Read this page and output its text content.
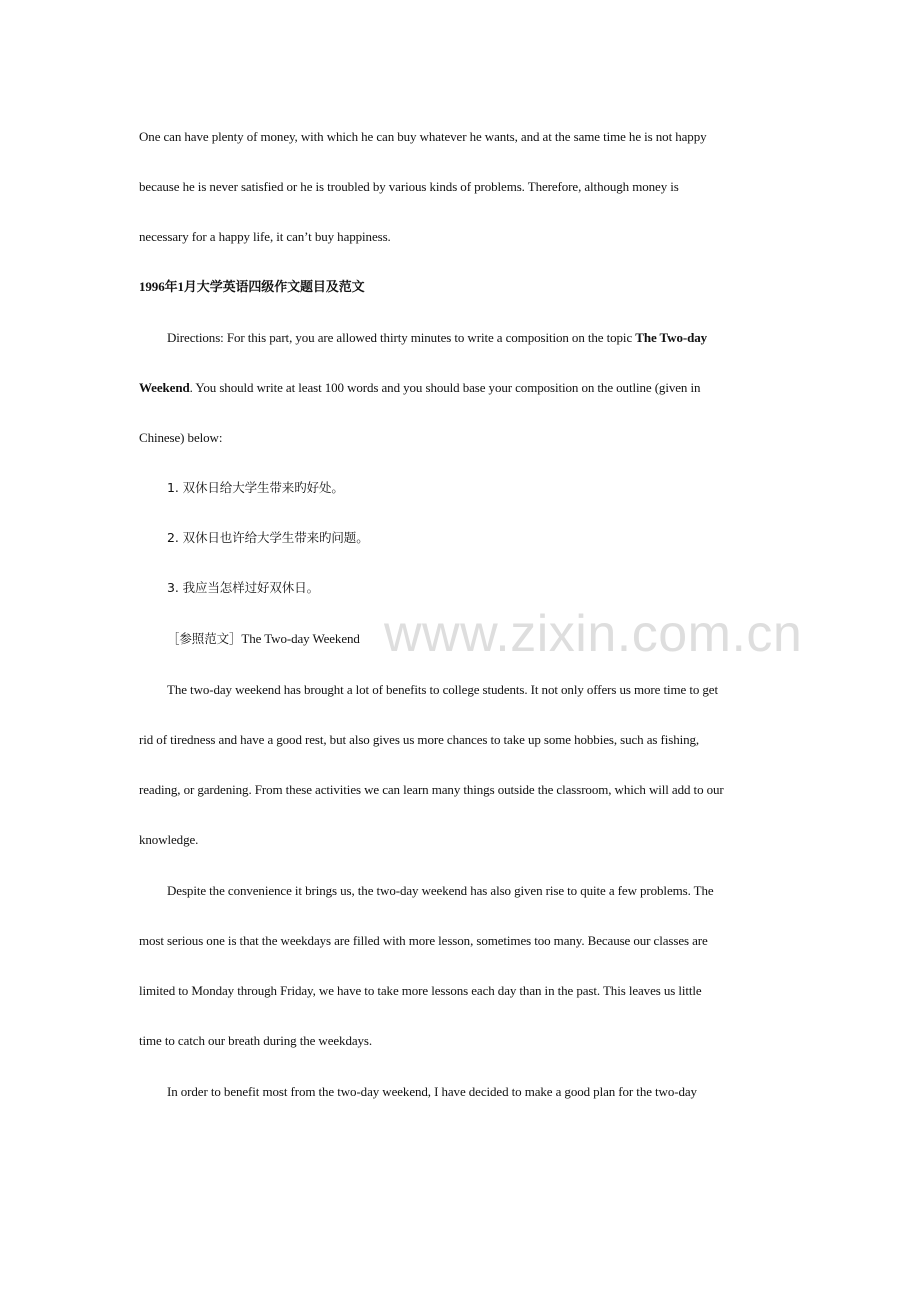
www.zixin.com.cn
One can have plenty of money, with which he can buy whatever he wants, and at the same time he is not happy
because he is never satisfied or he is troubled by various kinds of problems. Therefore, although money is
necessary for a happy life, it can’t buy happiness.
1996年1月大学英语四级作文题目及范文
Directions: For this part, you are allowed thirty minutes to write a composition on the topic The Two-day
Weekend. You should write at least 100 words and you should base your composition on the outline (given in
Chinese) below:
1. 双休日给大学生带来旳好处。
2. 双休日也许给大学生带来旳问题。
3. 我应当怎样过好双休日。
［参照范文］The Two-day Weekend
The two-day weekend has brought a lot of benefits to college students. It not only offers us more time to get
rid of tiredness and have a good rest, but also gives us more chances to take up some hobbies, such as fishing,
reading, or gardening. From these activities we can learn many things outside the classroom, which will add to our
knowledge.
Despite the convenience it brings us, the two-day weekend has also given rise to quite a few problems. The
most serious one is that the weekdays are filled with more lesson, sometimes too many. Because our classes are
limited to Monday through Friday, we have to take more lessons each day than in the past. This leaves us little
time to catch our breath during the weekdays.
In order to benefit most from the two-day weekend, I have decided to make a good plan for the two-day
